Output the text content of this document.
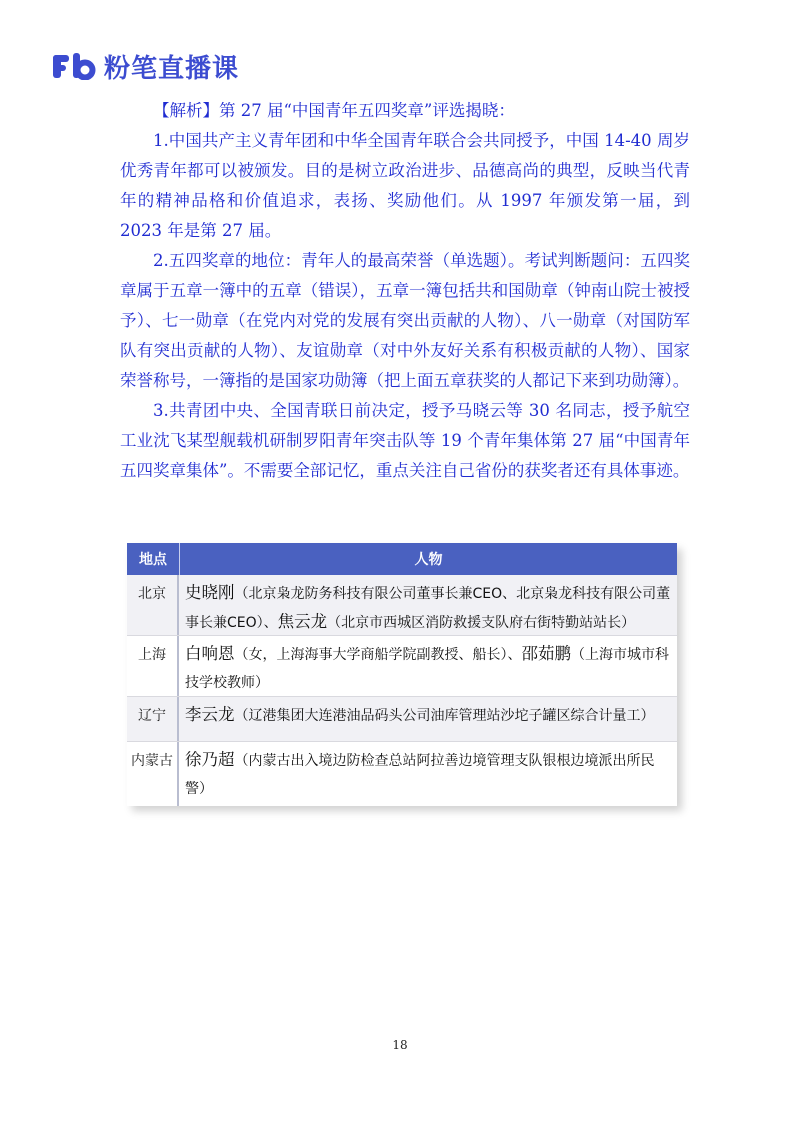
粉笔直播课

【解析】第 27 届“中国青年五四奖章”评选揭晓：

1.中国共产主义青年团和中华全国青年联合会共同授予，中国 14-40 周岁优秀青年都可以被颁发。目的是树立政治进步、品德高尚的典型，反映当代青年的精神品格和价值追求，表扬、奖励他们。从 1997 年颁发第一届，到 2023 年是第 27 届。

2.五四奖章的地位：青年人的最高荣誉（单选题）。考试判断题问：五四奖章属于五章一簿中的五章（错误），五章一簿包括共和国勋章（钟南山院士被授予）、七一勋章（在党内对党的发展有突出贡献的人物）、八一勋章（对国防军队有突出贡献的人物）、友谊勋章（对中外友好关系有积极贡献的人物）、国家荣誉称号，一簿指的是国家功勋簿（把上面五章获奖的人都记下来到功勋簿）。

3.共青团中央、全国青联日前决定，授予马晓云等 30 名同志，授予航空工业沈飞某型舰载机研制罗阳青年突击队等 19 个青年集体第 27 届“中国青年五四奖章集体”。不需要全部记忆，重点关注自己省份的获奖者还有具体事迹。

地点	人物
北京	史晓刚（北京枭龙防务科技有限公司董事长兼CEO、北京枭龙科技有限公司董事长兼CEO）、焦云龙（北京市西城区消防救援支队府右街特勤站站长）
上海	白响恩（女，上海海事大学商船学院副教授、船长）、邵茹鹏（上海市城市科技学校教师）
辽宁	李云龙（辽港集团大连港油品码头公司油库管理站沙坨子罐区综合计量工）
内蒙古 徐乃超（内蒙古出入境边防检查总站阿拉善边境管理支队银根边境派出所民警）
18
